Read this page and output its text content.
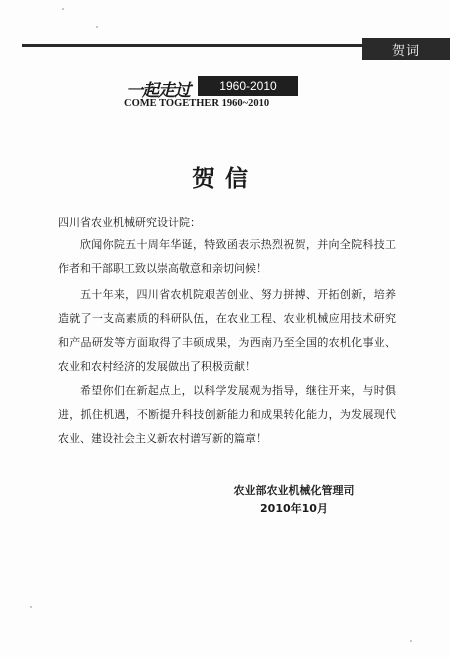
贺词
一起走过	1960-2010
COME TOGETHER 1960~2010
贺信
四川省农业机械研究设计院：
欣闻你院五十周年华诞，特致函表示热烈祝贺，并向全院科技工作者和干部职工致以崇高敬意和亲切问候！
五十年来，四川省农机院艰苦创业、努力拼搏、开拓创新，培养造就了一支高素质的科研队伍，在农业工程、农业机械应用技术研究和产品研发等方面取得了丰硕成果，为西南乃至全国的农机化事业、农业和农村经济的发展做出了积极贡献！
希望你们在新起点上，以科学发展观为指导，继往开来，与时俱进，抓住机遇，不断提升科技创新能力和成果转化能力，为发展现代农业、建设社会主义新农村谱写新的篇章！
农业部农业机械化管理司
2010年10月
